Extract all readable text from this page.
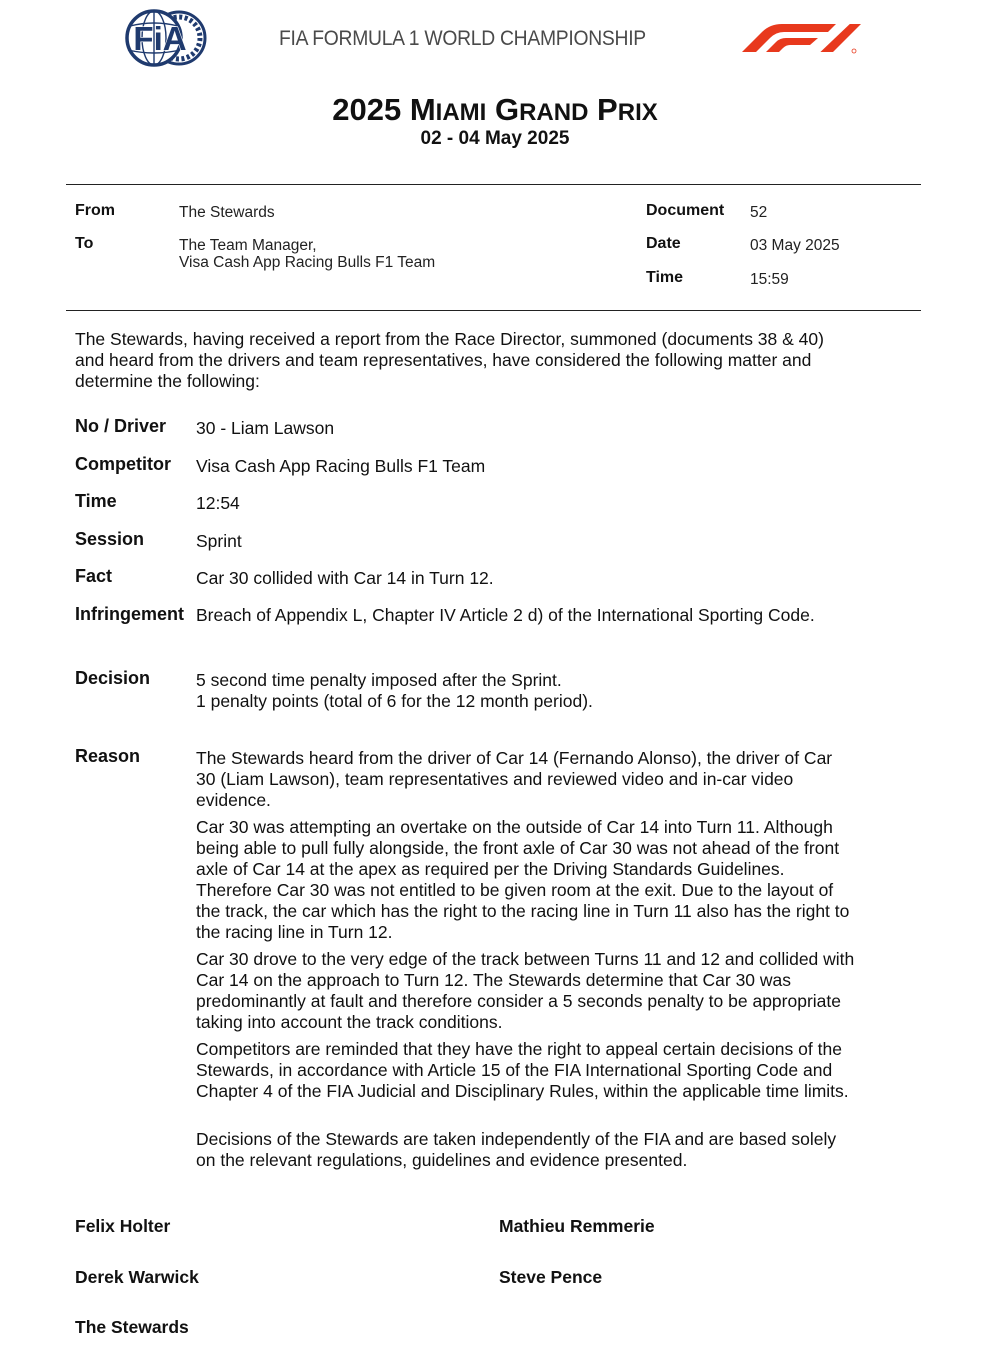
FiA	FIA FORMULA 1 WORLD CHAMPIONSHIP
2025 MIAMI GRAND PRIX
02 - 04 May 2025
From	The Stewards
To	The Team Manager,
Visa Cash App Racing Bulls F1 Team
Document 52
Date	03 May 2025
Time	15:59
The Stewards, having received a report from the Race Director, summoned (documents 38 & 40)
and heard from the drivers and team representatives, have considered the following matter and
determine the following:
No / Driver 30 - Liam Lawson
Competitor Visa Cash App Racing Bulls F1 Team
Time	12:54
Session	Sprint
Fact	Car 30 collided with Car 14 in Turn 12.
Infringement Breach of Appendix L, Chapter IV Article 2 d) of the International Sporting Code.
Decision	5 second time penalty imposed after the Sprint.
1 penalty points (total of 6 for the 12 month period).
Reason	The Stewards heard from the driver of Car 14 (Fernando Alonso), the driver of Car
30 (Liam Lawson), team representatives and reviewed video and in-car video
evidence.
Car 30 was attempting an overtake on the outside of Car 14 into Turn 11. Although
being able to pull fully alongside, the front axle of Car 30 was not ahead of the front
axle of Car 14 at the apex as required per the Driving Standards Guidelines.
Therefore Car 30 was not entitled to be given room at the exit. Due to the layout of
the track, the car which has the right to the racing line in Turn 11 also has the right to
the racing line in Turn 12.
Car 30 drove to the very edge of the track between Turns 11 and 12 and collided with
Car 14 on the approach to Turn 12. The Stewards determine that Car 30 was
predominantly at fault and therefore consider a 5 seconds penalty to be appropriate
taking into account the track conditions.
Competitors are reminded that they have the right to appeal certain decisions of the
Stewards, in accordance with Article 15 of the FIA International Sporting Code and
Chapter 4 of the FIA Judicial and Disciplinary Rules, within the applicable time limits.
Decisions of the Stewards are taken independently of the FIA and are based solely
on the relevant regulations, guidelines and evidence presented.
Felix Holter	Mathieu Remmerie
Derek Warwick	Steve Pence
The Stewards
